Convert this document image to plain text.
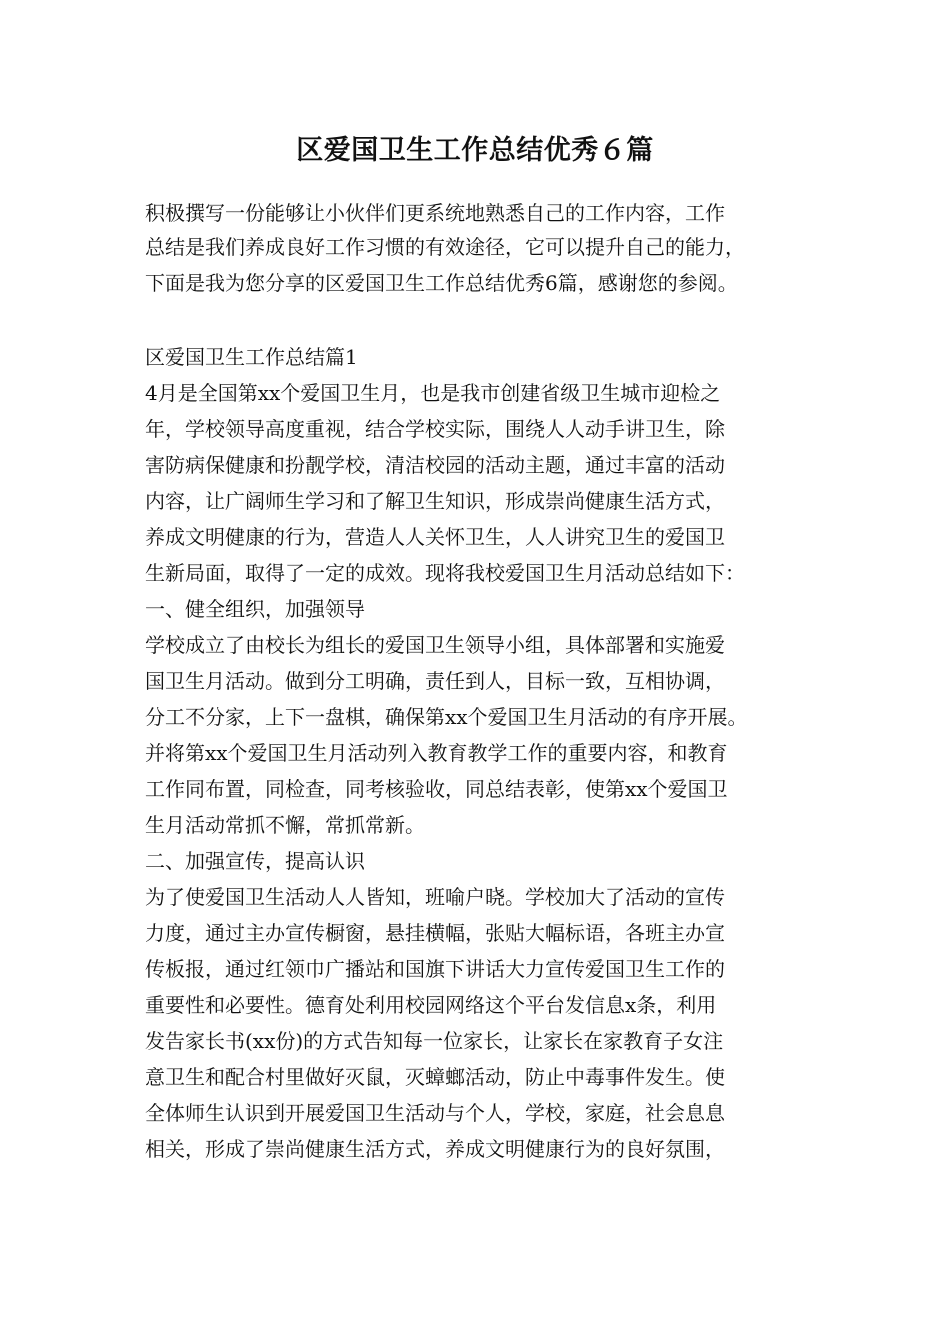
区爱国卫生工作总结优秀６篇
积极撰写一份能够让小伙伴们更系统地熟悉自己的工作内容，工作
总结是我们养成良好工作习惯的有效途径，它可以提升自己的能力，
下面是我为您分享的区爱国卫生工作总结优秀6篇，感谢您的参阅。
区爱国卫生工作总结篇1
4月是全国第xx个爱国卫生月，也是我市创建省级卫生城市迎检之
年，学校领导高度重视，结合学校实际，围绕人人动手讲卫生，除
害防病保健康和扮靓学校，清洁校园的活动主题，通过丰富的活动
内容，让广阔师生学习和了解卫生知识，形成崇尚健康生活方式，
养成文明健康的行为，营造人人关怀卫生，人人讲究卫生的爱国卫
生新局面，取得了一定的成效。现将我校爱国卫生月活动总结如下：
一、健全组织，加强领导
学校成立了由校长为组长的爱国卫生领导小组，具体部署和实施爱
国卫生月活动。做到分工明确，责任到人，目标一致，互相协调，
分工不分家，上下一盘棋，确保第xx个爱国卫生月活动的有序开展。
并将第xx个爱国卫生月活动列入教育教学工作的重要内容，和教育
工作同布置，同检查，同考核验收，同总结表彰，使第xx个爱国卫
生月活动常抓不懈，常抓常新。
二、加强宣传，提高认识
为了使爱国卫生活动人人皆知，班喻户晓。学校加大了活动的宣传
力度，通过主办宣传橱窗，悬挂横幅，张贴大幅标语，各班主办宣
传板报，通过红领巾广播站和国旗下讲话大力宣传爱国卫生工作的
重要性和必要性。德育处利用校园网络这个平台发信息x条，利用
发告家长书(xx份)的方式告知每一位家长，让家长在家教育子女注
意卫生和配合村里做好灭鼠，灭蟑螂活动，防止中毒事件发生。使
全体师生认识到开展爱国卫生活动与个人，学校，家庭，社会息息
相关，形成了崇尚健康生活方式，养成文明健康行为的良好氛围，
